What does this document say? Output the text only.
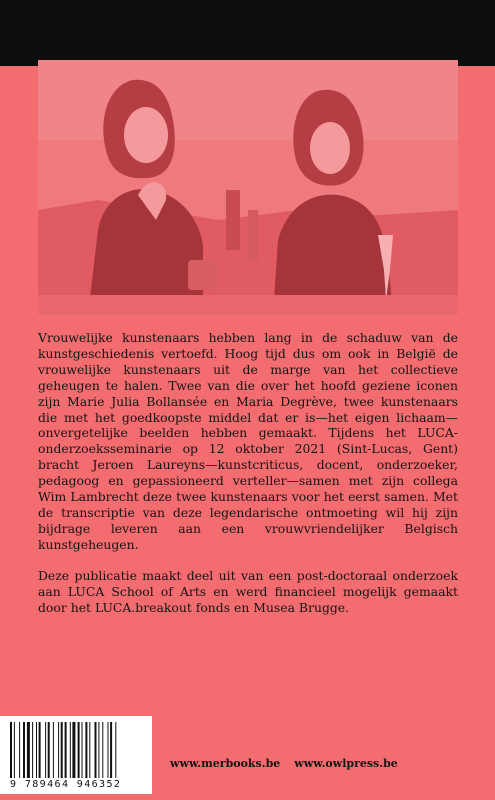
Vrouwelijke kunstenaars hebben lang in de schaduw van de kunstgeschiedenis vertoefd. Hoog tijd dus om ook in België de vrouwelijke kunstenaars uit de marge van het collectieve geheugen te halen. Twee van die over het hoofd geziene iconen zijn Marie Julia Bollansée en Maria Degrève, twee kunstenaars die met het goedkoopste middel dat er is—het eigen lichaam—onvergetelijke beelden hebben gemaakt. Tijdens het LUCA-onderzoeksseminarie op 12 oktober 2021 (Sint-Lucas, Gent) bracht Jeroen Laureyns—kunstcriticus, docent, onderzoeker, pedagoog en gepassioneerd verteller—samen met zijn collega Wim Lambrecht deze twee kunstenaars voor het eerst samen. Met de transcriptie van deze legendarische ontmoeting wil hij zijn bijdrage leveren aan een vrouwvriendelijker Belgisch kunstgeheugen.

Deze publicatie maakt deel uit van een post-doctoraal onderzoek aan LUCA School of Arts en werd financieel mogelijk gemaakt door het LUCA.breakout fonds en Musea Brugge.

9 789464 946352
www.merbooks.be www.owlpress.be
